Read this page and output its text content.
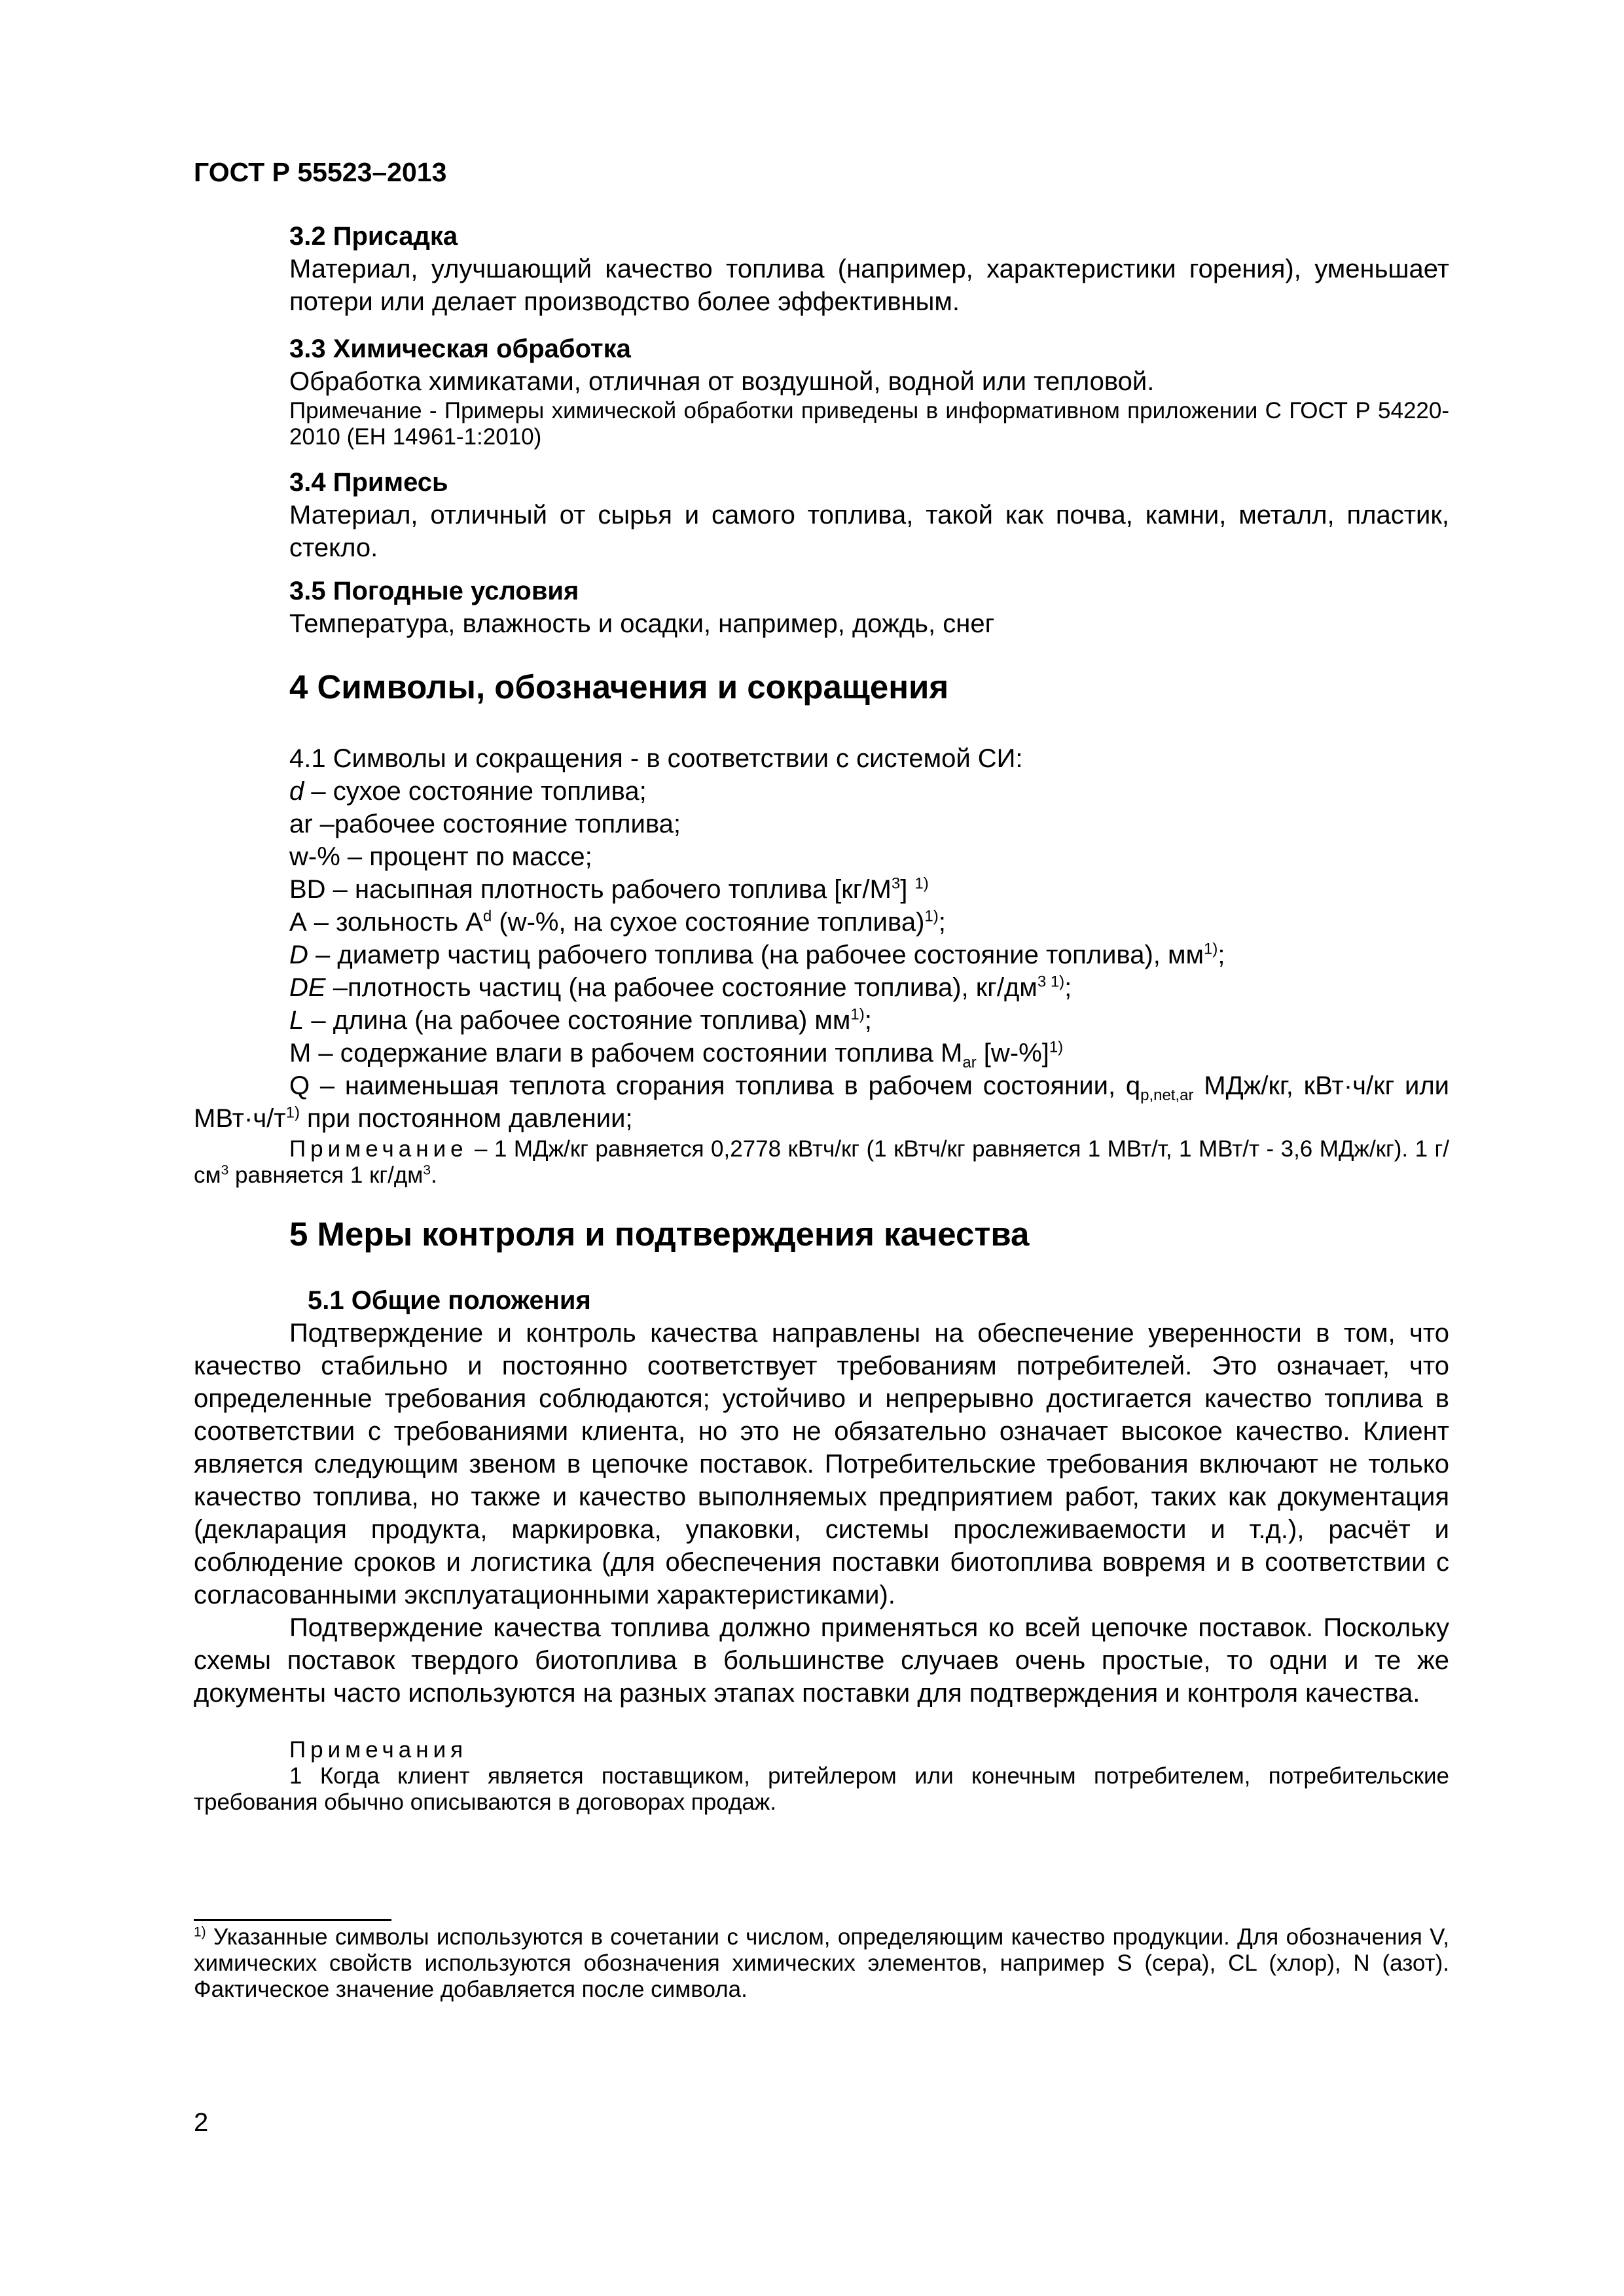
ГОСТ Р 55523–2013
3.2 Присадка
Материал, улучшающий качество топлива (например, характеристики горения), уменьшает потери или делает производство более эффективным.
3.3 Химическая обработка
Обработка химикатами, отличная от воздушной, водной или тепловой.
Примечание - Примеры химической обработки приведены в информативном приложении С ГОСТ Р 54220-2010 (ЕН 14961-1:2010)
3.4 Примесь
Материал, отличный от сырья и самого топлива, такой как почва, камни, металл, пластик, стекло.
3.5 Погодные условия
Температура, влажность и осадки, например, дождь, снег
4 Символы, обозначения и сокращения
4.1 Символы и сокращения - в соответствии с системой СИ:
d – сухое состояние топлива;
ar –рабочее состояние топлива;
w-% – процент по массе;
BD – насыпная плотность рабочего топлива $[кг/М^3]$ $^{1)}$
А – зольность $A^d$ (w-%, на сухое состояние топлива)$^{1)}$;
D – диаметр частиц рабочего топлива (на рабочее состояние топлива), $мм^{1)}$;
DE –плотность частиц (на рабочее состояние топлива), $кг/дм^{3 1)}$;
L – длина (на рабочее состояние топлива) $мм^{1)}$;
М – содержание влаги в рабочем состоянии топлива $M_{ar}$ $[w-\%]^{1)}$
Q – наименьшая теплота сгорания топлива в рабочем состоянии, $q_{p,net,ar}$ МДж/кг, кВт·ч/кг или $МВт\cdot ч/т^{1)}$ при постоянном давлении;
Примечание – 1 МДж/кг равняется 0,2778 кВтч/кг (1 кВтч/кг равняется 1 МВт/т, 1 МВт/т - 3,6 МДж/кг). 1 $г/см^3$ равняется 1 $кг/дм^3$.
5 Меры контроля и подтверждения качества
5.1 Общие положения
Подтверждение и контроль качества направлены на обеспечение уверенности в том, что качество стабильно и постоянно соответствует требованиям потребителей. Это означает, что определенные требования соблюдаются; устойчиво и непрерывно достигается качество топлива в соответствии с требованиями клиента, но это не обязательно означает высокое качество. Клиент является следующим звеном в цепочке поставок. Потребительские требования включают не только качество топлива, но также и качество выполняемых предприятием работ, таких как документация (декларация продукта, маркировка, упаковки, системы прослеживаемости и т.д.), расчёт и соблюдение сроков и логистика (для обеспечения поставки биотоплива вовремя и в соответствии с согласованными эксплуатационными характеристиками).
Подтверждение качества топлива должно применяться ко всей цепочке поставок. Поскольку схемы поставок твердого биотоплива в большинстве случаев очень простые, то одни и те же документы часто используются на разных этапах поставки для подтверждения и контроля качества.
Примечания
1 Когда клиент является поставщиком, ритейлером или конечным потребителем, потребительские требования обычно описываются в договорах продаж.
$^{1)}$ Указанные символы используются в сочетании с числом, определяющим качество продукции. Для обозначения V, химических свойств используются обозначения химических элементов, например S (сера), CL (хлор), N (азот). Фактическое значение добавляется после символа.
2
